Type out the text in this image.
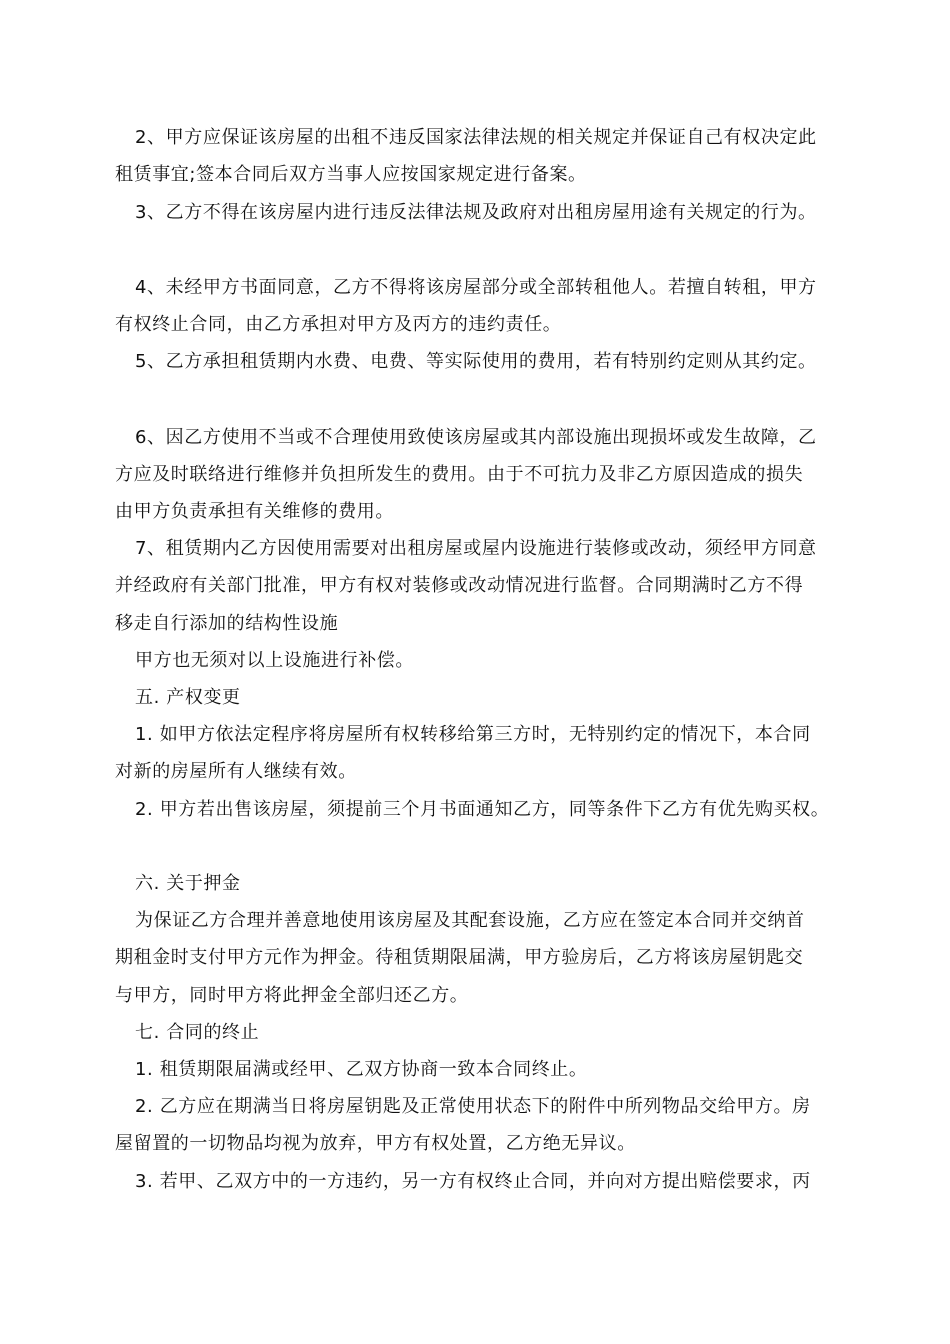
2、甲方应保证该房屋的出租不违反国家法律法规的相关规定并保证自己有权决定此
租赁事宜;签本合同后双方当事人应按国家规定进行备案。
3、乙方不得在该房屋内进行违反法律法规及政府对出租房屋用途有关规定的行为。
4、未经甲方书面同意，乙方不得将该房屋部分或全部转租他人。若擅自转租，甲方
有权终止合同，由乙方承担对甲方及丙方的违约责任。
5、乙方承担租赁期内水费、电费、等实际使用的费用，若有特别约定则从其约定。
6、因乙方使用不当或不合理使用致使该房屋或其内部设施出现损坏或发生故障，乙
方应及时联络进行维修并负担所发生的费用。由于不可抗力及非乙方原因造成的损失
由甲方负责承担有关维修的费用。
7、租赁期内乙方因使用需要对出租房屋或屋内设施进行装修或改动，须经甲方同意
并经政府有关部门批准，甲方有权对装修或改动情况进行监督。合同期满时乙方不得
移走自行添加的结构性设施
甲方也无须对以上设施进行补偿。
五. 产权变更
1. 如甲方依法定程序将房屋所有权转移给第三方时，无特别约定的情况下，本合同
对新的房屋所有人继续有效。
2. 甲方若出售该房屋，须提前三个月书面通知乙方，同等条件下乙方有优先购买权。
六. 关于押金
为保证乙方合理并善意地使用该房屋及其配套设施，乙方应在签定本合同并交纳首
期租金时支付甲方元作为押金。待租赁期限届满，甲方验房后，乙方将该房屋钥匙交
与甲方，同时甲方将此押金全部归还乙方。
七. 合同的终止
1. 租赁期限届满或经甲、乙双方协商一致本合同终止。
2. 乙方应在期满当日将房屋钥匙及正常使用状态下的附件中所列物品交给甲方。房
屋留置的一切物品均视为放弃，甲方有权处置，乙方绝无异议。
3. 若甲、乙双方中的一方违约，另一方有权终止合同，并向对方提出赔偿要求，丙
